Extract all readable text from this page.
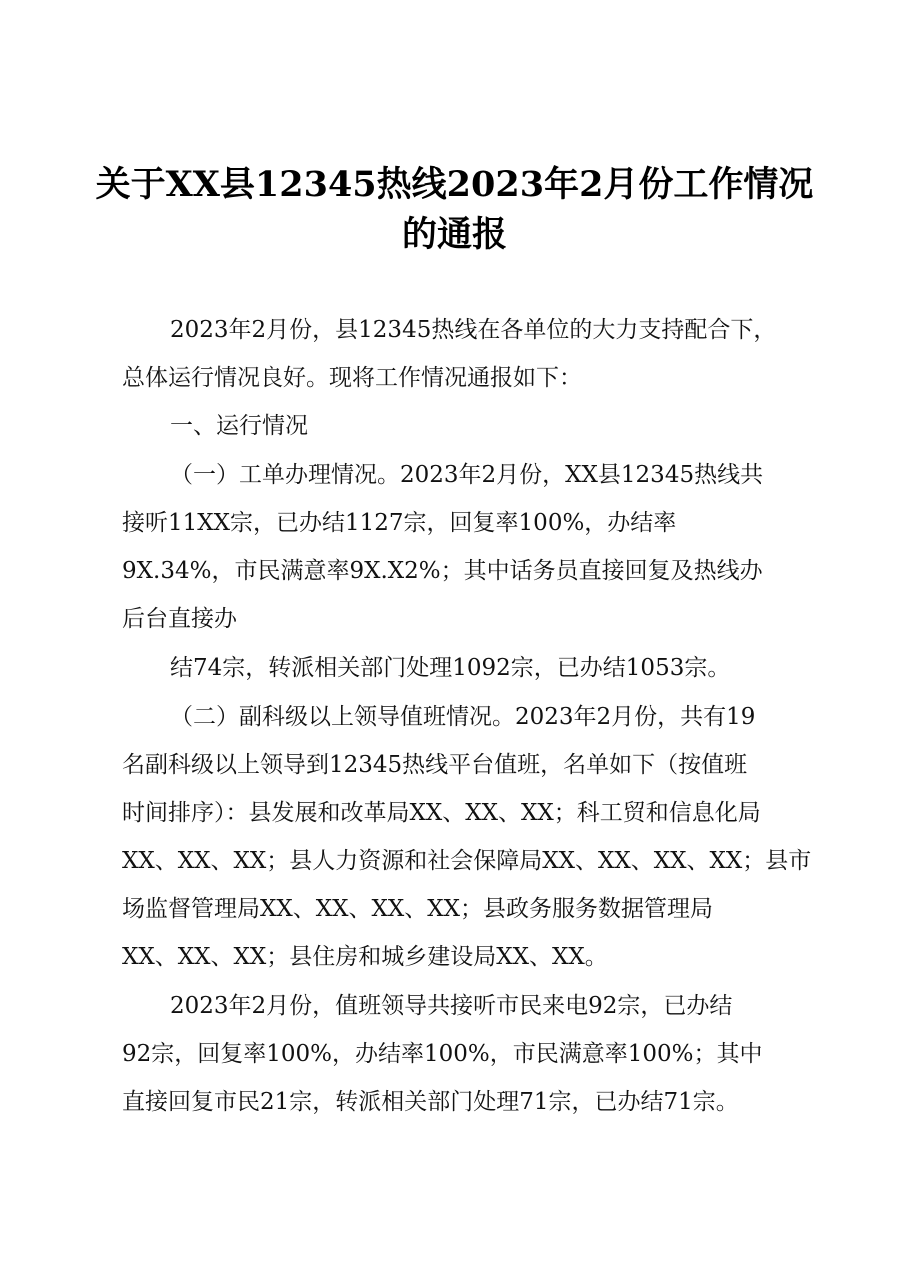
关于XX县12345热线2023年2月份工作情况
的通报

2023年2月份，县12345热线在各单位的大力支持配合下，

总体运行情况良好。现将工作情况通报如下：

一、运行情况

（一）工单办理情况。2023年2月份，XX县12345热线共

接听11XX宗，已办结1127宗，回复率100%，办结率

9X.34%，市民满意率9X.X2%；其中话务员直接回复及热线办

后台直接办

结74宗，转派相关部门处理1092宗，已办结1053宗。

（二）副科级以上领导值班情况。2023年2月份，共有19

名副科级以上领导到12345热线平台值班，名单如下（按值班

时间排序）：县发展和改革局XX、XX、XX；科工贸和信息化局

XX、XX、XX；县人力资源和社会保障局XX、XX、XX、XX；县市

场监督管理局XX、XX、XX、XX；县政务服务数据管理局

XX、XX、XX；县住房和城乡建设局XX、XX。

2023年2月份，值班领导共接听市民来电92宗，已办结

92宗，回复率100%，办结率100%，市民满意率100%；其中

直接回复市民21宗，转派相关部门处理71宗，已办结71宗。
